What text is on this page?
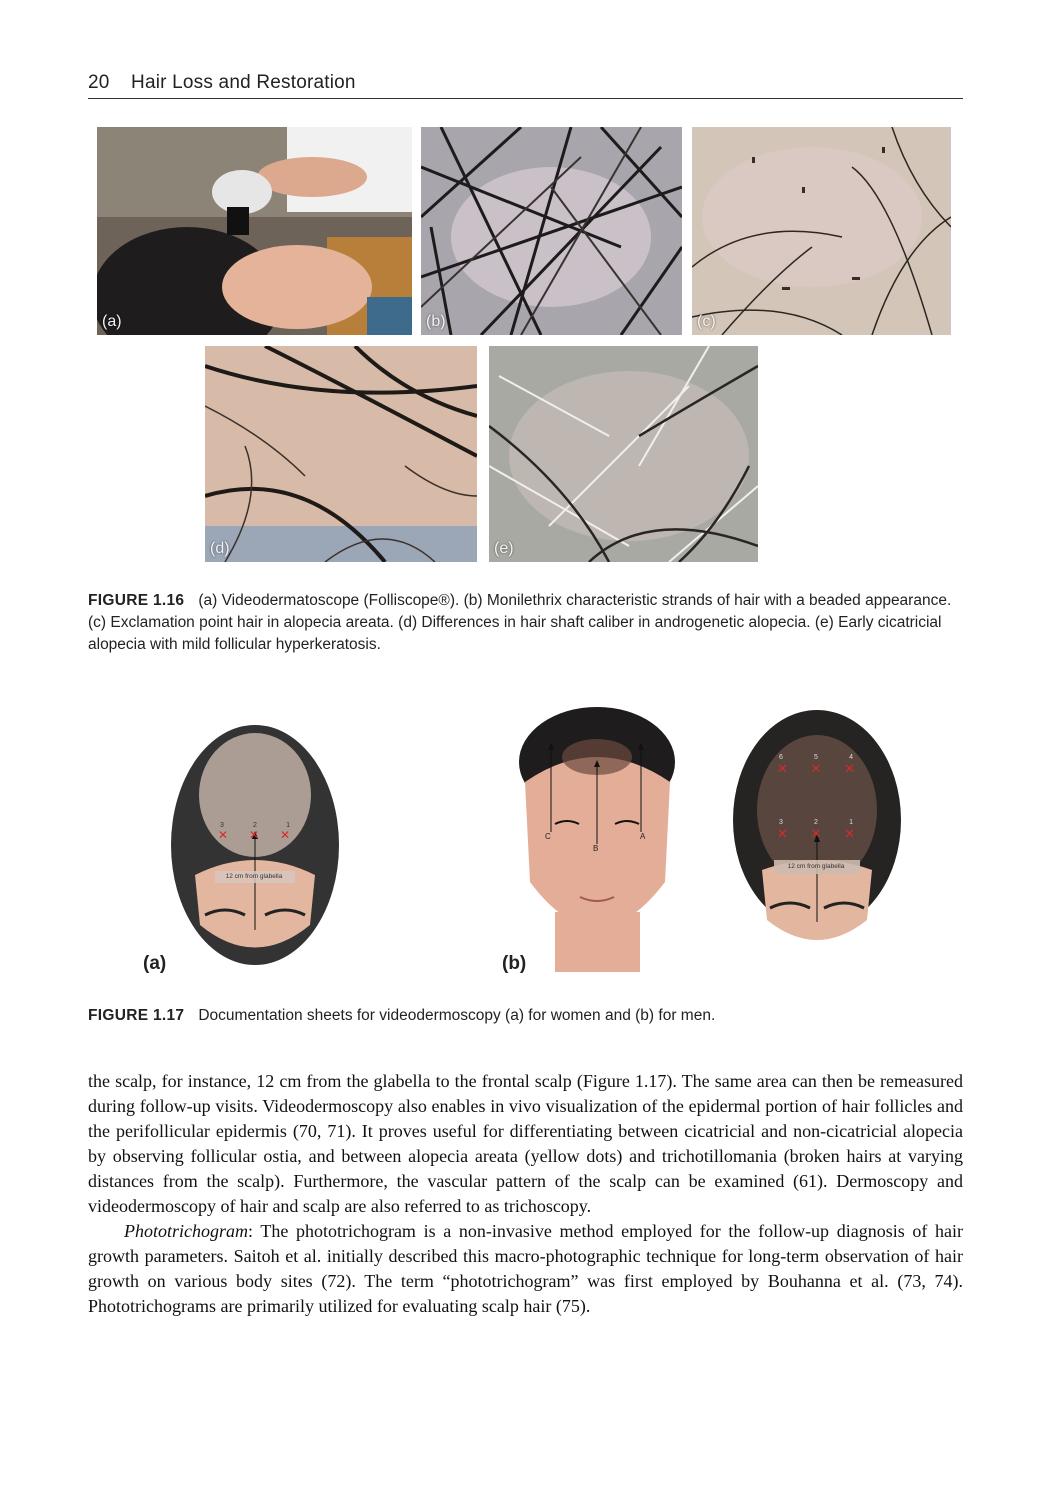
20 Hair Loss and Restoration
(a)	(b)	(c)
(d)	(e)
FIGURE 1.16 (a) Videodermatoscope (Folliscope®). (b) Monilethrix characteristic strands of hair with a beaded appearance. (c) Exclamation point hair in alopecia areata. (d) Differences in hair shaft caliber in androgenetic alopecia. (e) Early cicatricial alopecia with mild follicular hyperkeratosis.
3	2	1
✕ ✕ ✕
12 cm from glabella
(a)
C
B
A
6	5	4
✕ ✕ ✕
3	2	1
✕ ✕ ✕
12 cm from glabella
(b)
FIGURE 1.17 Documentation sheets for videodermoscopy (a) for women and (b) for men.

the scalp, for instance, 12 cm from the glabella to the frontal scalp (Figure 1.17). The same area can then be remeasured during follow-up visits. Videodermoscopy also enables in vivo visualization of the epidermal portion of hair follicles and the perifollicular epidermis (70, 71). It proves useful for differentiating between cicatricial and non-cicatricial alopecia by observing follicular ostia, and between alopecia areata (yellow dots) and trichotillomania (broken hairs at varying distances from the scalp). Furthermore, the vascular pattern of the scalp can be examined (61). Dermoscopy and videodermoscopy of hair and scalp are also referred to as trichoscopy.

Phototrichogram: The phototrichogram is a non-invasive method employed for the follow-up diagnosis of hair growth parameters. Saitoh et al. initially described this macro-photographic technique for long-term observation of hair growth on various body sites (72). The term “phototrichogram” was first employed by Bouhanna et al. (73, 74). Phototrichograms are primarily utilized for evaluating scalp hair (75).
